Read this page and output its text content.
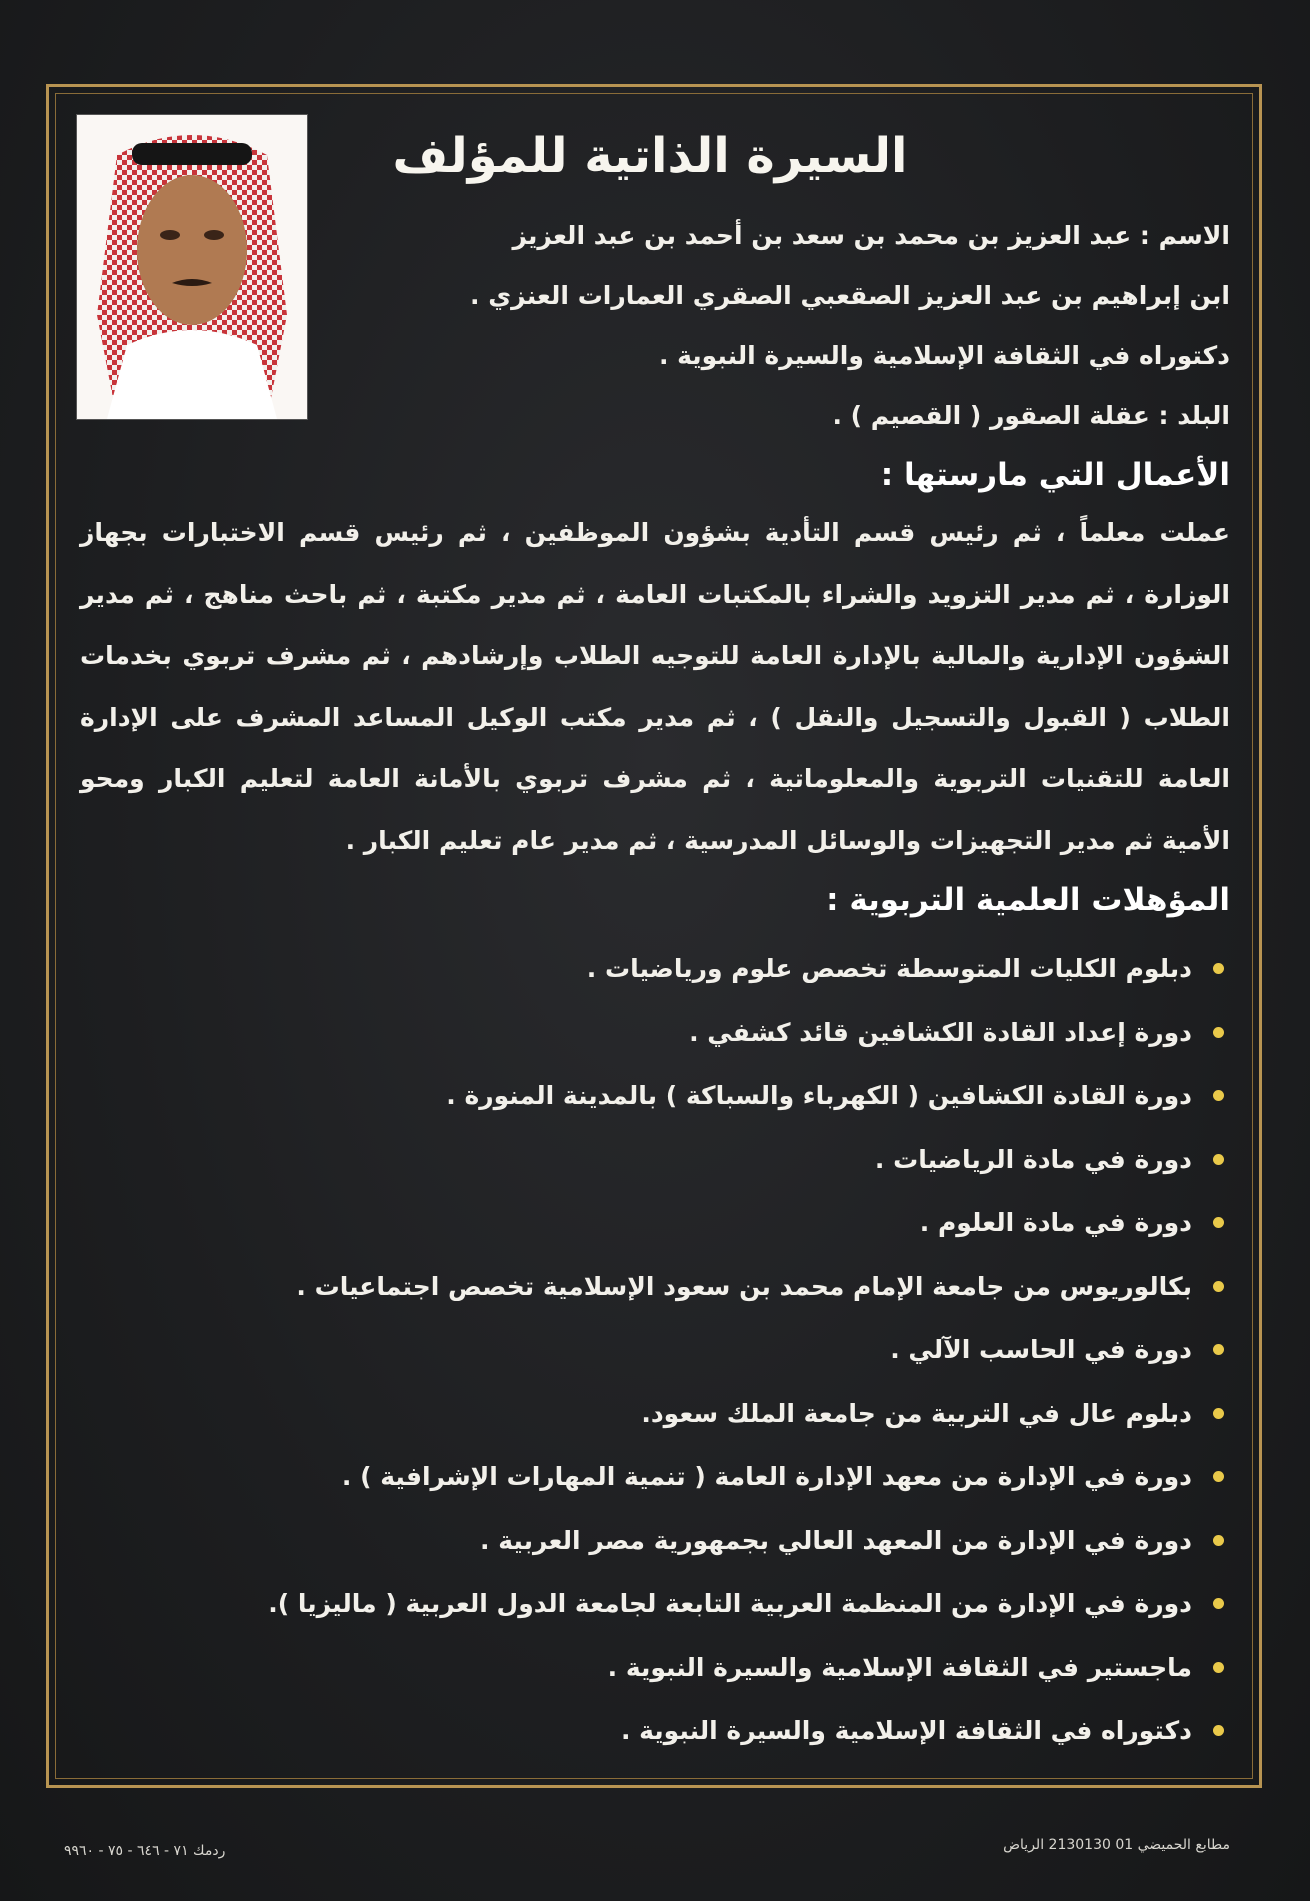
السيرة الذاتية للمؤلف
الاسم : عبد العزيز بن محمد بن سعد بن أحمد بن عبد العزيز
ابن إبراهيم بن عبد العزيز الصقعبي الصقري العمارات العنزي .
دكتوراه في الثقافة الإسلامية والسيرة النبوية .
البلد : عقلة الصقور ( القصيم ) .
الأعمال التي مارستها :
عملت معلماً ، ثم رئيس قسم التأدية بشؤون الموظفين ، ثم رئيس قسم الاختبارات بجهاز الوزارة ، ثم مدير التزويد والشراء بالمكتبات العامة ، ثم مدير مكتبة ، ثم باحث مناهج ، ثم مدير الشؤون الإدارية والمالية بالإدارة العامة للتوجيه الطلاب وإرشادهم ، ثم مشرف تربوي بخدمات الطلاب ( القبول والتسجيل والنقل ) ، ثم مدير مكتب الوكيل المساعد المشرف على الإدارة العامة للتقنيات التربوية والمعلوماتية ، ثم مشرف تربوي بالأمانة العامة لتعليم الكبار ومحو الأمية ثم مدير التجهيزات والوسائل المدرسية ، ثم مدير عام تعليم الكبار .
المؤهلات العلمية التربوية :
دبلوم الكليات المتوسطة تخصص علوم ورياضيات .
دورة إعداد القادة الكشافين قائد كشفي .
دورة القادة الكشافين ( الكهرباء والسباكة ) بالمدينة المنورة .
دورة في مادة الرياضيات .
دورة في مادة العلوم .
بكالوريوس من جامعة الإمام محمد بن سعود الإسلامية تخصص اجتماعيات .
دورة في الحاسب الآلي .
دبلوم عال في التربية من جامعة الملك سعود.
دورة في الإدارة من معهد الإدارة العامة ( تنمية المهارات الإشرافية ) .
دورة في الإدارة من المعهد العالي بجمهورية مصر العربية .
دورة في الإدارة من المنظمة العربية التابعة لجامعة الدول العربية ( ماليزيا ).
ماجستير في الثقافة الإسلامية والسيرة النبوية .
دكتوراه في الثقافة الإسلامية والسيرة النبوية .
ردمك ٧١ - ٦٤٦ - ٧٥ - ٩٩٦٠	مطابع الحميضي 01 2130130 الرياض
